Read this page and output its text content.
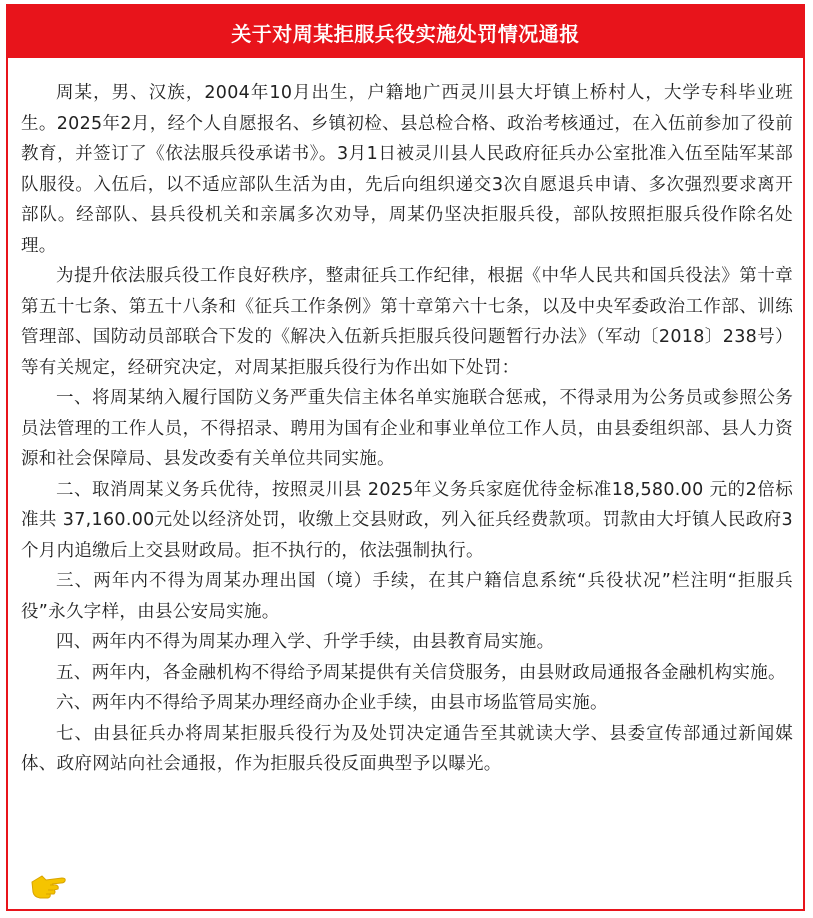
关于对周某拒服兵役实施处罚情况通报

周某，男、汉族，2004年10月出生，户籍地广西灵川县大圩镇上桥村人，大学专科毕业班生。2025年2月，经个人自愿报名、乡镇初检、县总检合格、政治考核通过，在入伍前参加了役前教育，并签订了《依法服兵役承诺书》。3月1日被灵川县人民政府征兵办公室批准入伍至陆军某部队服役。入伍后，以不适应部队生活为由，先后向组织递交3次自愿退兵申请、多次强烈要求离开部队。经部队、县兵役机关和亲属多次劝导，周某仍坚决拒服兵役，部队按照拒服兵役作除名处理。

为提升依法服兵役工作良好秩序，整肃征兵工作纪律，根据《中华人民共和国兵役法》第十章第五十七条、第五十八条和《征兵工作条例》第十章第六十七条，以及中央军委政治工作部、训练管理部、国防动员部联合下发的《解决入伍新兵拒服兵役问题暂行办法》（军动〔2018〕238号）等有关规定，经研究决定，对周某拒服兵役行为作出如下处罚：

一、将周某纳入履行国防义务严重失信主体名单实施联合惩戒，不得录用为公务员或参照公务员法管理的工作人员，不得招录、聘用为国有企业和事业单位工作人员，由县委组织部、县人力资源和社会保障局、县发改委有关单位共同实施。

二、取消周某义务兵优待，按照灵川县 2025年义务兵家庭优待金标准18,580.00 元的2倍标准共 37,160.00元处以经济处罚，收缴上交县财政，列入征兵经费款项。罚款由大圩镇人民政府3个月内追缴后上交县财政局。拒不执行的，依法强制执行。

三、两年内不得为周某办理出国（境）手续，在其户籍信息系统“兵役状况”栏注明“拒服兵役”永久字样，由县公安局实施。

四、两年内不得为周某办理入学、升学手续，由县教育局实施。

五、两年内，各金融机构不得给予周某提供有关信贷服务，由县财政局通报各金融机构实施。

六、两年内不得给予周某办理经商办企业手续，由县市场监管局实施。

七、由县征兵办将周某拒服兵役行为及处罚决定通告至其就读大学、县委宣传部通过新闻媒体、政府网站向社会通报，作为拒服兵役反面典型予以曝光。
